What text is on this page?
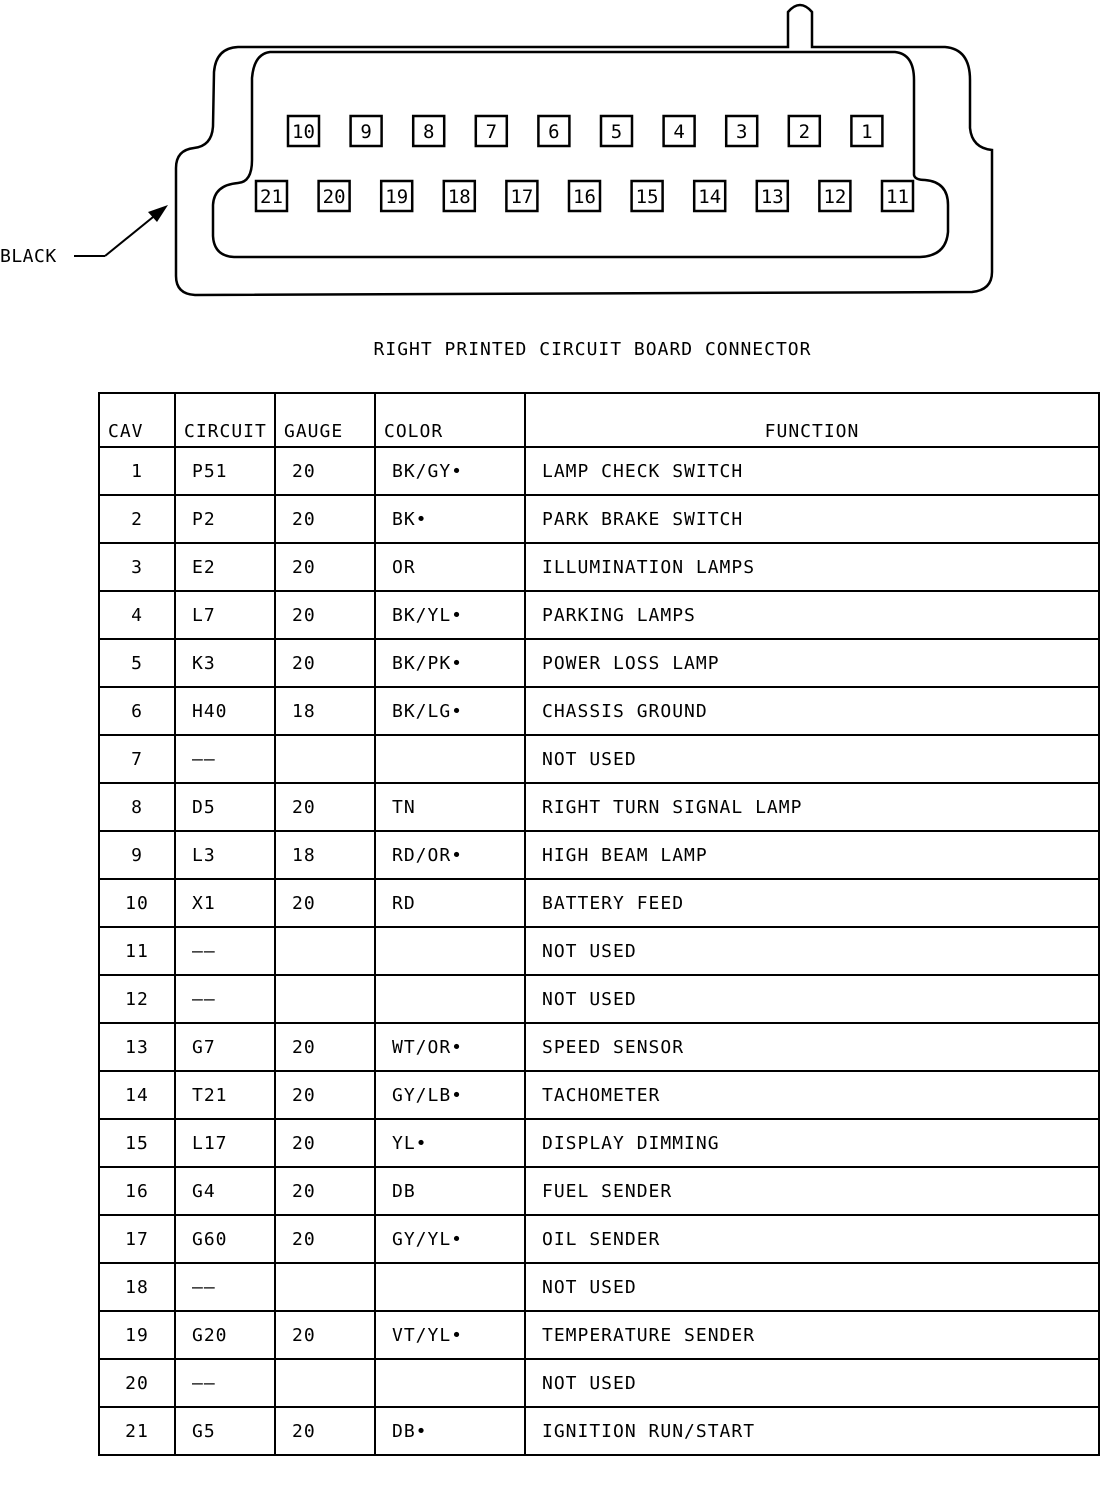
10 9	8	7	6	5	4	3	2	1
21 20 19 18 17 16 15 14 13 12 11
BLACK
RIGHT PRINTED CIRCUIT BOARD CONNECTOR
CAV	CIRCUIT	GAUGE	COLOR	FUNCTION
1	P51	20	BK/GY•	LAMP CHECK SWITCH
2	P2	20	BK•	PARK BRAKE SWITCH
3	E2	20	OR	ILLUMINATION LAMPS
4	L7	20	BK/YL•	PARKING LAMPS
5	K3	20	BK/PK•	POWER LOSS LAMP
6	H40	18	BK/LG•	CHASSIS GROUND
7	——			NOT USED
8	D5	20	TN	RIGHT TURN SIGNAL LAMP
9	L3	18	RD/OR•	HIGH BEAM LAMP
10	X1	20	RD	BATTERY FEED
11	——			NOT USED
12	——			NOT USED
13	G7	20	WT/OR•	SPEED SENSOR
14	T21	20	GY/LB•	TACHOMETER
15	L17	20	YL•	DISPLAY DIMMING
16	G4	20	DB	FUEL SENDER
17	G60	20	GY/YL•	OIL SENDER
18	——			NOT USED
19	G20	20	VT/YL•	TEMPERATURE SENDER
20	——			NOT USED
21	G5	20	DB•	IGNITION RUN/START
